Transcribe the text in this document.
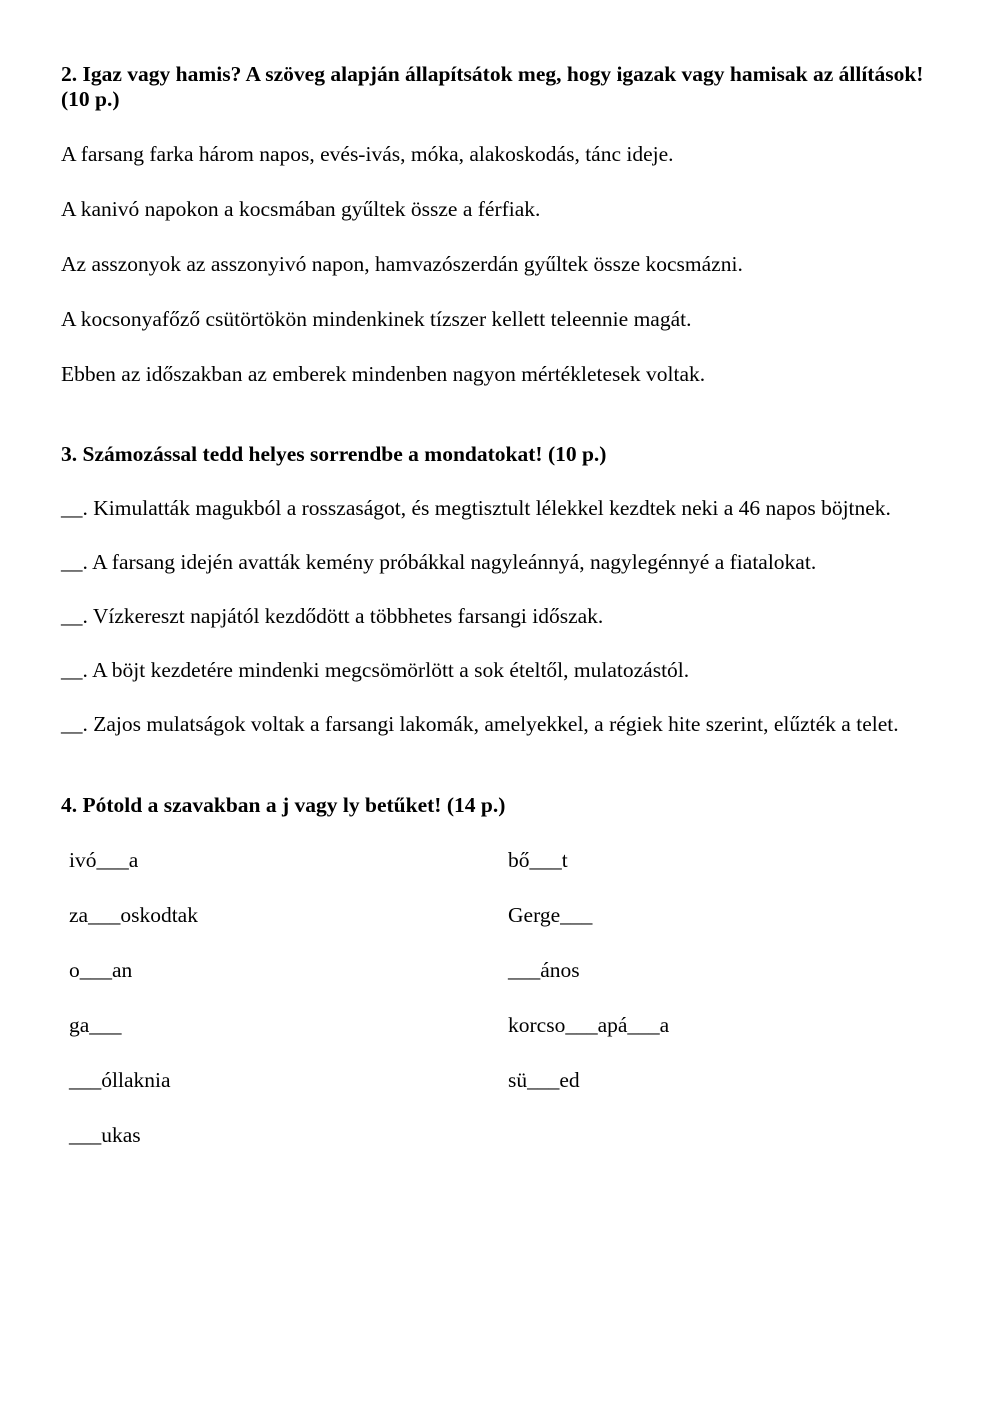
2. Igaz vagy hamis? A szöveg alapján állapítsátok meg, hogy igazak vagy hamisak az állítások! (10 p.)

A farsang farka három napos, evés-ivás, móka, alakoskodás, tánc ideje.

A kanivó napokon a kocsmában gyűltek össze a férfiak.

Az asszonyok az asszonyivó napon, hamvazószerdán gyűltek össze kocsmázni.

A kocsonyafőző csütörtökön mindenkinek tízszer kellett teleennie magát.

Ebben az időszakban az emberek mindenben nagyon mértékletesek voltak.

3. Számozással tedd helyes sorrendbe a mondatokat! (10 p.)

__. Kimulatták magukból a rosszaságot, és megtisztult lélekkel kezdtek neki a 46 napos böjtnek.

__. A farsang idején avatták kemény próbákkal nagyleánnyá, nagylegénnyé a fiatalokat.

__. Vízkereszt napjától kezdődött a többhetes farsangi időszak.

__. A böjt kezdetére mindenki megcsömörlött a sok ételtől, mulatozástól.

__. Zajos mulatságok voltak a farsangi lakomák, amelyekkel, a régiek hite szerint, elűzték a telet.

4. Pótold a szavakban a j vagy ly betűket! (14 p.)

ivó___a
za___oskodtak
o___an
ga___
___óllaknia
___ukas
bő___t
Gerge___
___ános
korcso___apá___a
sü___ed
